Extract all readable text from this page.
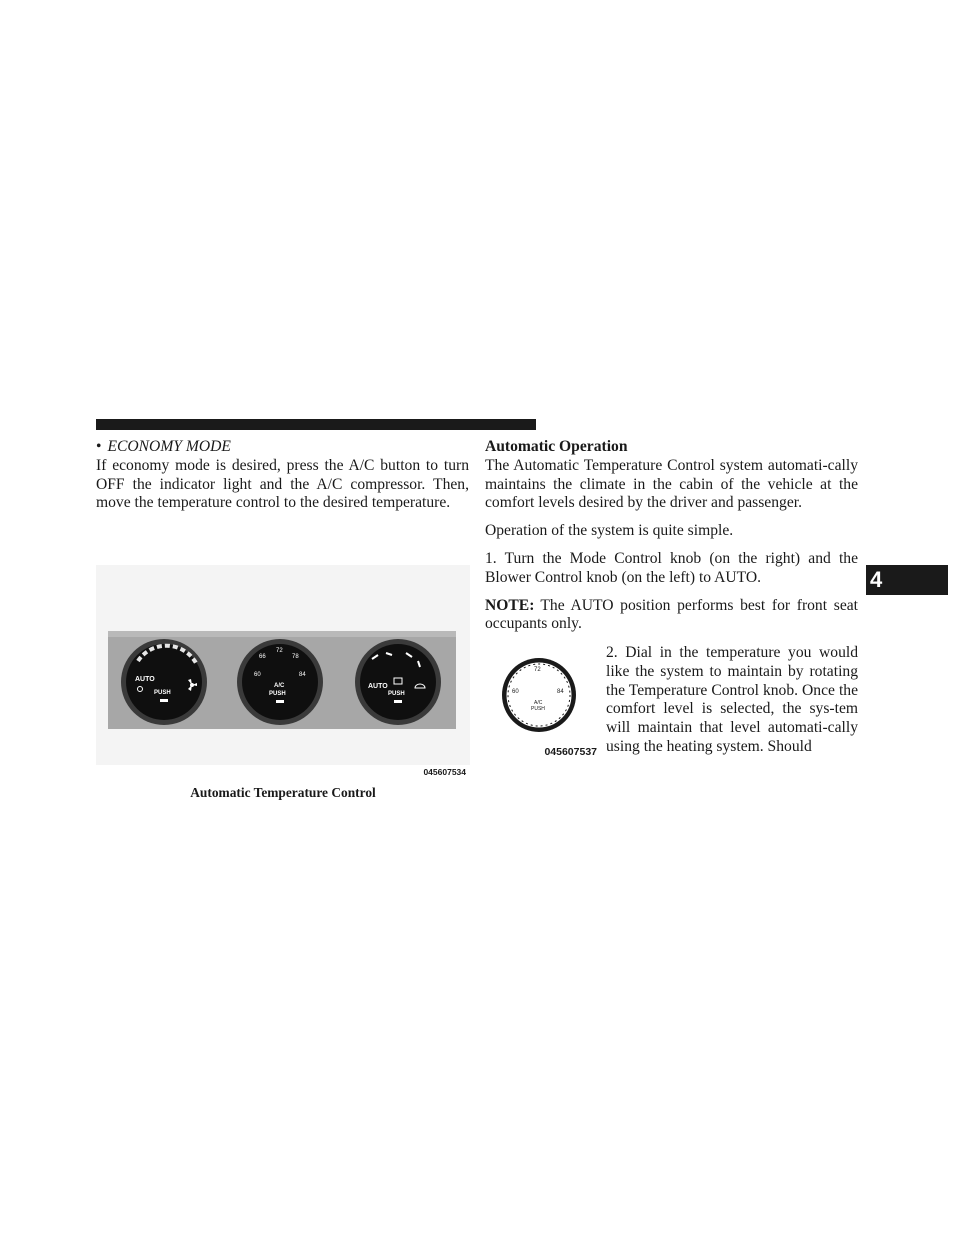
• ECONOMY MODE

If economy mode is desired, press the A/C button to turn OFF the indicator light and the A/C compressor. Then, move the temperature control to the desired temperature.

AUTO
PUSH
60
66
72
78
84
A/C
PUSH
AUTO
PUSH
045607534
Automatic Temperature Control

Automatic Operation

The Automatic Temperature Control system automati-cally maintains the climate in the cabin of the vehicle at the comfort levels desired by the driver and passenger.

Operation of the system is quite simple.

1. Turn the Mode Control knob (on the right) and the Blower Control knob (on the left) to AUTO.

NOTE: The AUTO position performs best for front seat occupants only.

60
72
84
A/C
PUSH
045607537

2. Dial in the temperature you would like the system to maintain by rotating the Temperature Control knob. Once the comfort level is selected, the sys-tem will maintain that level automati-cally using the heating system. Should

4
